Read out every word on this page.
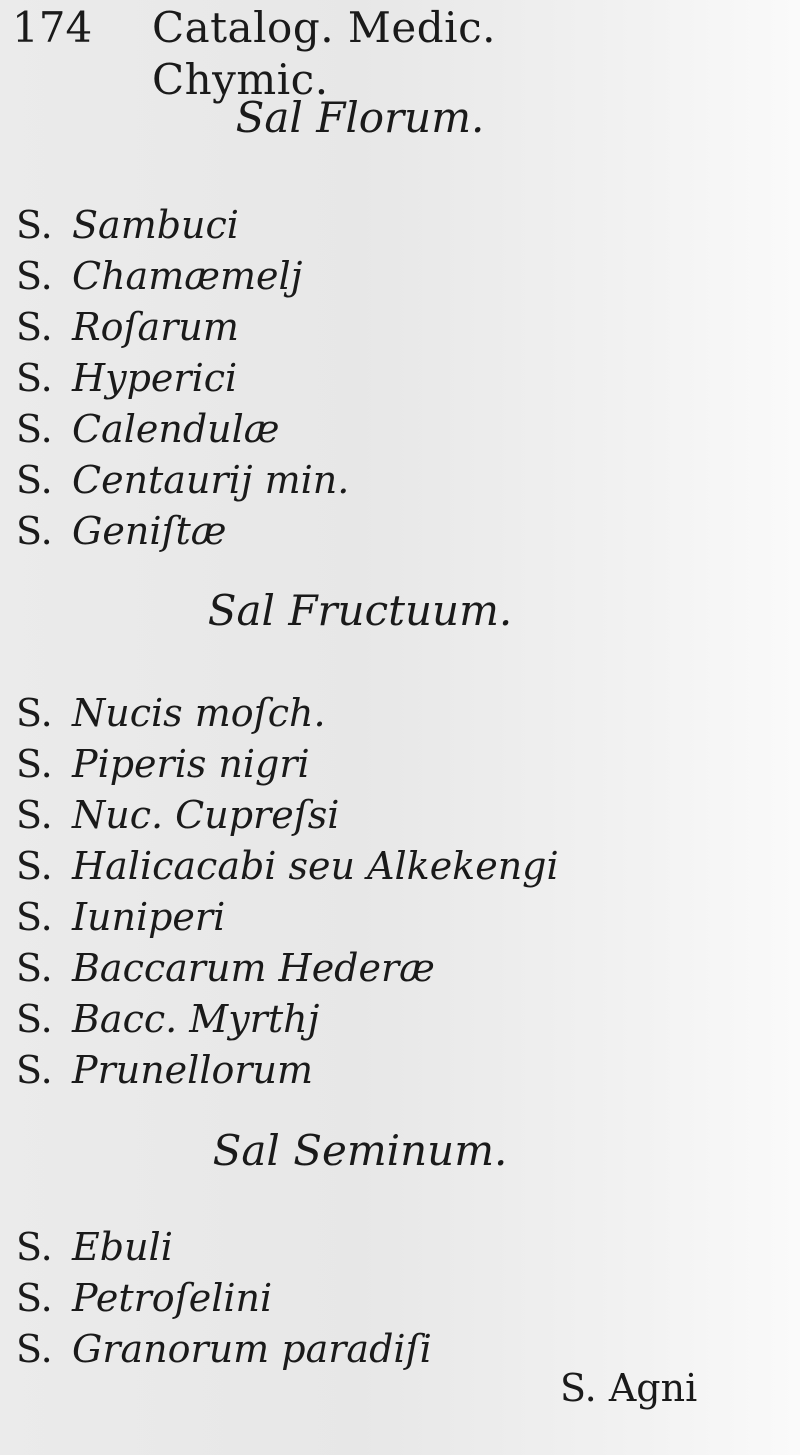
174 Catalog. Medic. Chymic.
Sal Florum.
S. Sambuci
S. Chamæmelj
S. Roſarum
S. Hyperici
S. Calendulæ
S. Centaurij min.
S. Geniſtæ
Sal Fructuum.
S. Nucis moſch.
S. Piperis nigri
S. Nuc. Cupreſsi
S. Halicacabi seu Alkekengi
S. Iuniperi
S. Baccarum Hederæ
S. Bacc. Myrthj
S. Prunellorum
Sal Seminum.
S. Ebuli
S. Petroſelini
S. Granorum paradiſi
S. Agni
